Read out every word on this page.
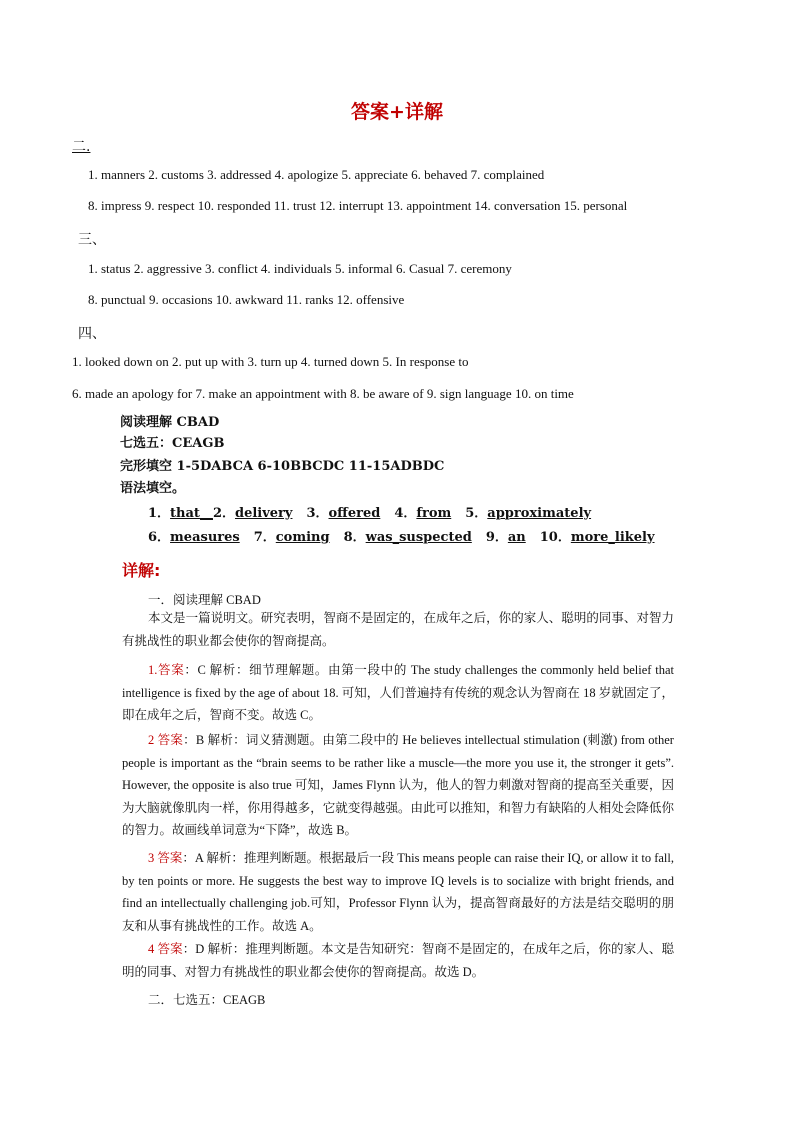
答案+详解
二.
1. manners 2. customs 3. addressed 4. apologize 5. appreciate 6. behaved 7. complained
8. impress 9. respect 10. responded 11. trust 12. interrupt 13. appointment 14. conversation 15. personal
三、
1. status 2. aggressive 3. conflict 4. individuals 5. informal 6. Casual 7. ceremony
8. punctual 9. occasions 10. awkward 11. ranks 12. offensive
四、
1. looked down on 2. put up with 3. turn up 4. turned down 5. In response to
6. made an apology for 7. make an appointment with 8. be aware of 9. sign language 10. on time
阅读理解 CBAD
七选五：CEAGB
完形填空 1-5DABCA 6-10BBCDC 11-15ADBDC
语法填空。
1．that__2．delivery 3．offered 4．from 5．approximately
6．measures 7．coming 8．was_suspected 9．an 10．more_likely
详解:
一．阅读理解 CBAD
本文是一篇说明文。研究表明，智商不是固定的，在成年之后，你的家人、聪明的同事、对智力有挑战性的职业都会使你的智商提高。
1.答案：C 解析：细节理解题。由第一段中的 The study challenges the commonly held belief that intelligence is fixed by the age of about 18. 可知，人们普遍持有传统的观念认为智商在 18 岁就固定了，即在成年之后，智商不变。故选 C。
2 答案：B 解析：词义猜测题。由第二段中的 He believes intellectual stimulation (刺激) from other people is important as the “brain seems to be rather like a muscle—the more you use it, the stronger it gets”. However, the opposite is also true 可知，James Flynn 认为，他人的智力刺激对智商的提高至关重要，因为大脑就像肌肉一样，你用得越多，它就变得越强。由此可以推知，和智力有缺陷的人相处会降低你的智力。故画线单词意为“下降”，故选 B。
3 答案：A 解析：推理判断题。根据最后一段 This means people can raise their IQ, or allow it to fall, by ten points or more. He suggests the best way to improve IQ levels is to socialize with bright friends, and find an intellectually challenging job.可知，Professor Flynn 认为，提高智商最好的方法是结交聪明的朋友和从事有挑战性的工作。故选 A。
4 答案：D 解析：推理判断题。本文是告知研究：智商不是固定的，在成年之后，你的家人、聪明的同事、对智力有挑战性的职业都会使你的智商提高。故选 D。
二．七选五：CEAGB
